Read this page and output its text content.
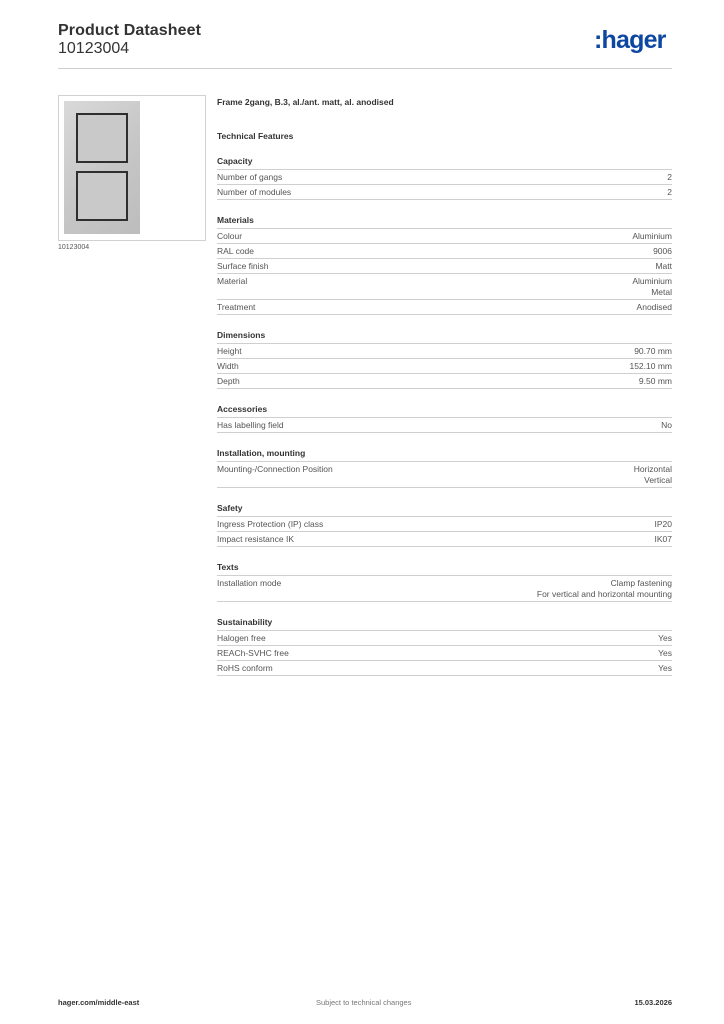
Product Datasheet
10123004	:hager
10123004
Frame 2gang, B.3, al./ant. matt, al. anodised
Technical Features
Capacity
Number of gangs	2
Number of modules	2
Materials
Colour	Aluminium
RAL code	9006
Surface finish	Matt
Material	Aluminium
Metal
Treatment	Anodised
Dimensions
Height	90.70 mm
Width	152.10 mm
Depth	9.50 mm
Accessories
Has labelling field	No
Installation, mounting
Mounting-/Connection Position	Horizontal
Vertical
Safety
Ingress Protection (IP) class	IP20
Impact resistance IK	IK07
Texts
Installation mode	Clamp fastening
For vertical and horizontal mounting
Sustainability
Halogen free	Yes
REACh-SVHC free	Yes
RoHS conform	Yes
hager.com/middle-east	Subject to technical changes	15.03.2026
